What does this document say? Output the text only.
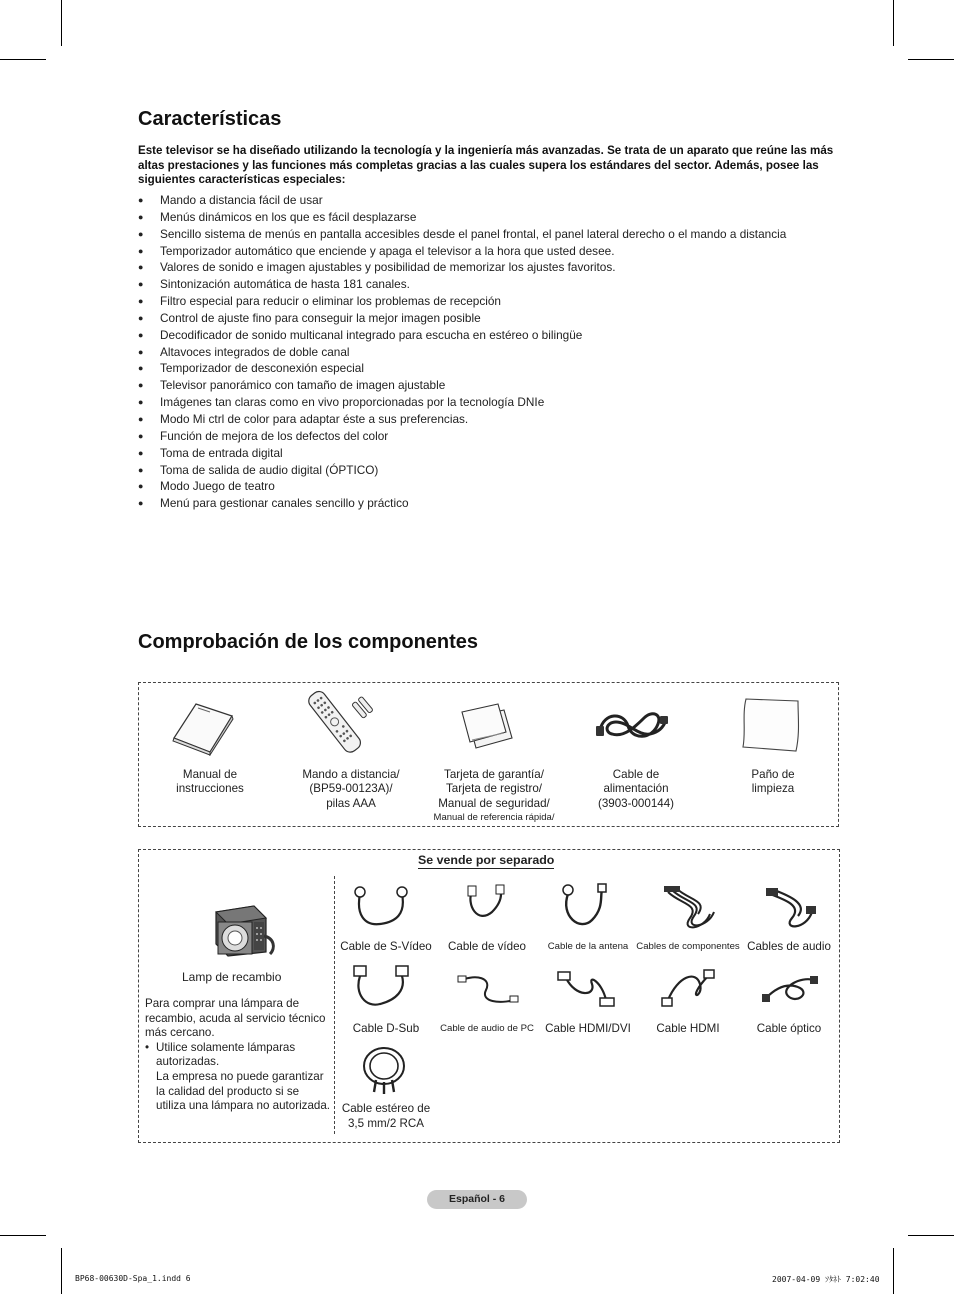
Características

Este televisor se ha diseñado utilizando la tecnología y la ingeniería más avanzadas. Se trata de un aparato que reúne las más altas prestaciones y las funciones más completas gracias a las cuales supera los estándares del sector. Además, posee las siguientes características especiales:

● Mando a distancia fácil de usar
● Menús dinámicos en los que es fácil desplazarse
● Sencillo sistema de menús en pantalla accesibles desde el panel frontal, el panel lateral derecho o el mando a distancia
● Temporizador automático que enciende y apaga el televisor a la hora que usted desee.
● Valores de sonido e imagen ajustables y posibilidad de memorizar los ajustes favoritos.
● Sintonización automática de hasta 181 canales.
● Filtro especial para reducir o eliminar los problemas de recepción
● Control de ajuste fino para conseguir la mejor imagen posible
● Decodificador de sonido multicanal integrado para escucha en estéreo o bilingüe
● Altavoces integrados de doble canal
● Temporizador de desconexión especial
● Televisor panorámico con tamaño de imagen ajustable
● Imágenes tan claras como en vivo proporcionadas por la tecnología DNIe
● Modo Mi ctrl de color para adaptar éste a sus preferencias.
● Función de mejora de los defectos del color
● Toma de entrada digital
● Toma de salida de audio digital (ÓPTICO)
● Modo Juego de teatro
● Menú para gestionar canales sencillo y práctico
Comprobación de los componentes
Manual de
instrucciones
Mando a distancia/
(BP59-00123A)/
pilas AAA
Tarjeta de garantía/
Tarjeta de registro/
Manual de seguridad/
Manual de referencia rápida/
Cable de
alimentación
(3903-000144)
Paño de
limpieza
Se vende por separado
Lamp de recambio
Para comprar una lámpara de recambio, acuda al servicio técnico más cercano.
• Utilice solamente lámparas autorizadas.
La empresa no puede garantizar la calidad del producto si se utiliza una lámpara no autorizada.
Cable de S-Vídeo	Cable de vídeo	Cable de la antena Cables de componentes Cables de audio
Cable D-Sub	Cable de audio de PC Cable HDMI/DVI	Cable HDMI	Cable óptico
Cable estéreo de 3,5 mm/2 RCA
Español - 6
BP68-00630D-Spa_1.indd 6	2007-04-09 ｿﾀﾈﾄ 7:02:40
